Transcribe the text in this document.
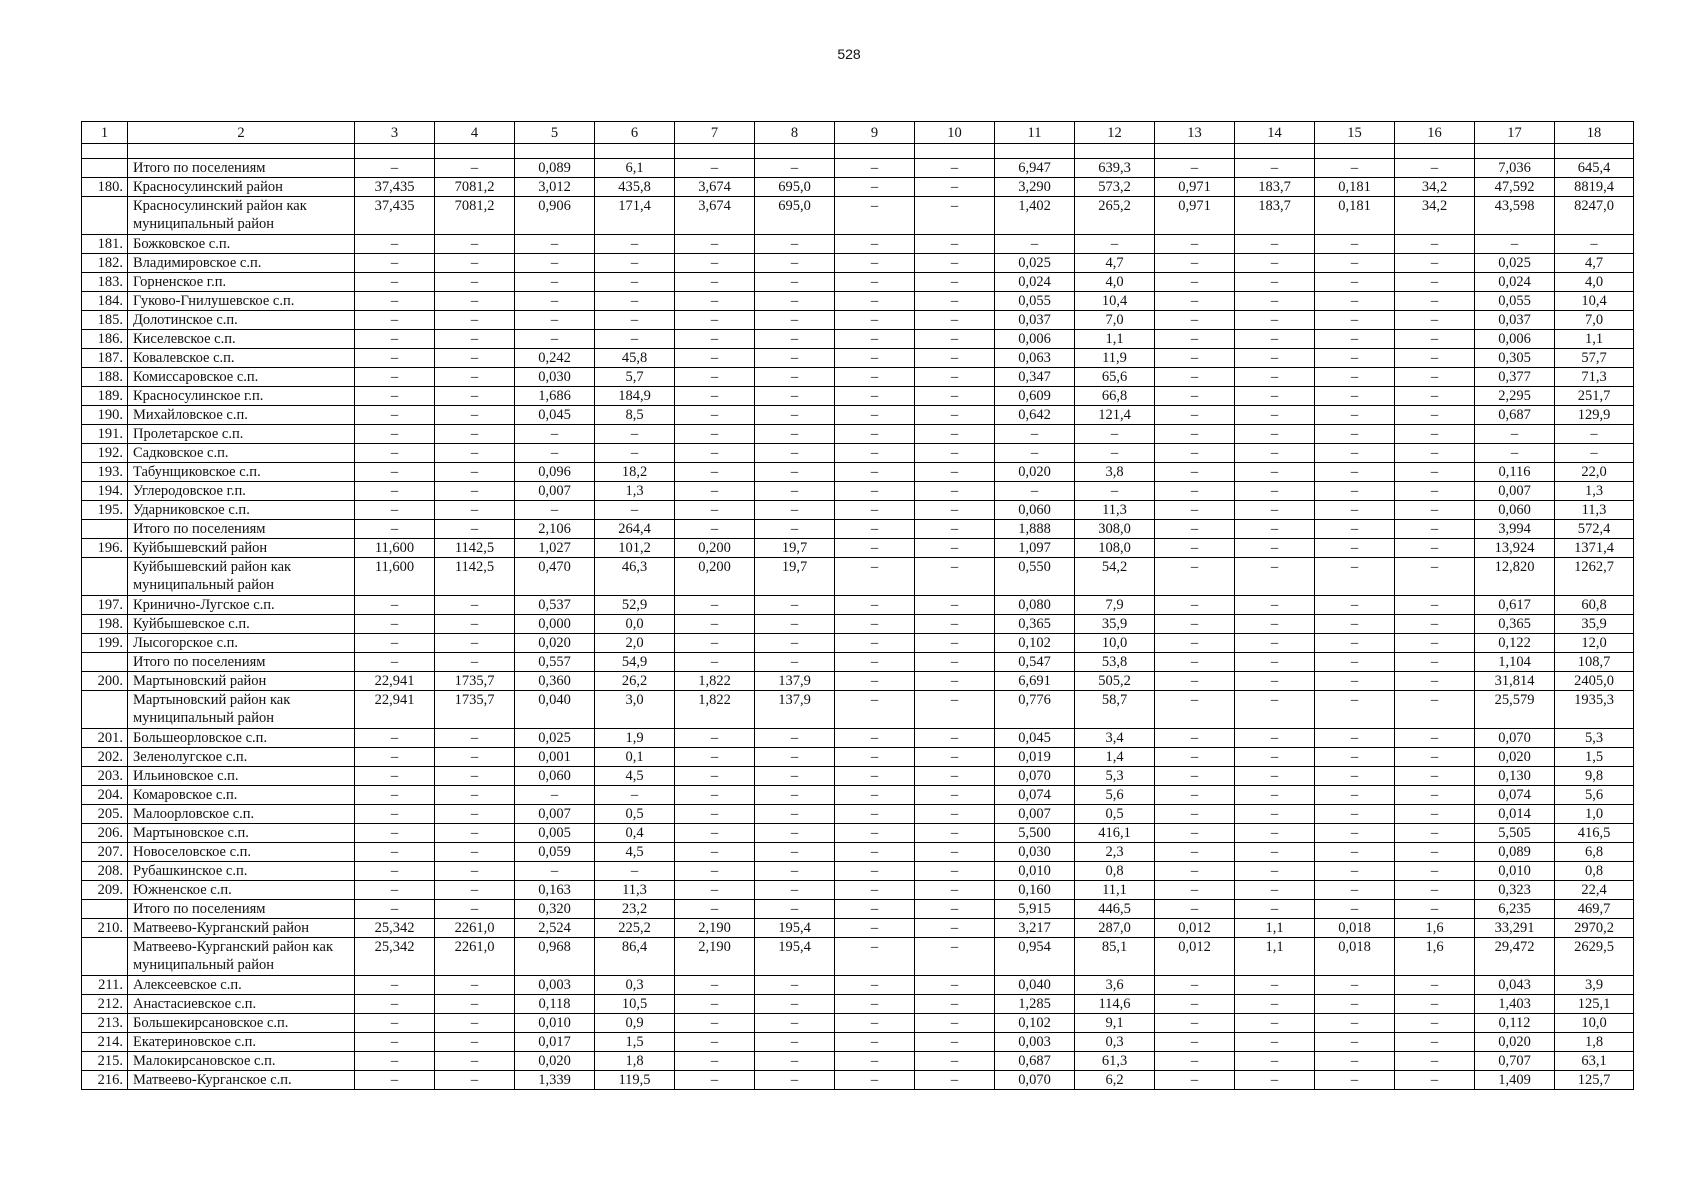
528
1	2	3	4	5	6	7	8	9	10	11	12	13	14	15	16	17	18

	Итого по поселениям	–	–	0,089	6,1	–	–	–	–	6,947	639,3	–	–	–	–	7,036	645,4
180.	Красносулинский район	37,435	7081,2	3,012	435,8	3,674	695,0	–	–	3,290	573,2	0,971	183,7	0,181	34,2	47,592	8819,4
	Красносулинский район как муниципальный район	37,435	7081,2	0,906	171,4	3,674	695,0	–	–	1,402	265,2	0,971	183,7	0,181	34,2	43,598	8247,0
181.	Божковское с.п.	–	–	–	–	–	–	–	–	–	–	–	–	–	–	–	–
182.	Владимировское с.п.	–	–	–	–	–	–	–	–	0,025	4,7	–	–	–	–	0,025	4,7
183.	Горненское г.п.	–	–	–	–	–	–	–	–	0,024	4,0	–	–	–	–	0,024	4,0
184.	Гуково-Гнилушевское с.п.	–	–	–	–	–	–	–	–	0,055	10,4	–	–	–	–	0,055	10,4
185.	Долотинское с.п.	–	–	–	–	–	–	–	–	0,037	7,0	–	–	–	–	0,037	7,0
186.	Киселевское с.п.	–	–	–	–	–	–	–	–	0,006	1,1	–	–	–	–	0,006	1,1
187.	Ковалевское с.п.	–	–	0,242	45,8	–	–	–	–	0,063	11,9	–	–	–	–	0,305	57,7
188.	Комиссаровское с.п.	–	–	0,030	5,7	–	–	–	–	0,347	65,6	–	–	–	–	0,377	71,3
189.	Красносулинское г.п.	–	–	1,686	184,9	–	–	–	–	0,609	66,8	–	–	–	–	2,295	251,7
190.	Михайловское с.п.	–	–	0,045	8,5	–	–	–	–	0,642	121,4	–	–	–	–	0,687	129,9
191.	Пролетарское с.п.	–	–	–	–	–	–	–	–	–	–	–	–	–	–	–	–
192.	Садковское с.п.	–	–	–	–	–	–	–	–	–	–	–	–	–	–	–	–
193.	Табунщиковское с.п.	–	–	0,096	18,2	–	–	–	–	0,020	3,8	–	–	–	–	0,116	22,0
194.	Углеродовское г.п.	–	–	0,007	1,3	–	–	–	–	–	–	–	–	–	–	0,007	1,3
195.	Ударниковское с.п.	–	–	–	–	–	–	–	–	0,060	11,3	–	–	–	–	0,060	11,3
	Итого по поселениям	–	–	2,106	264,4	–	–	–	–	1,888	308,0	–	–	–	–	3,994	572,4
196.	Куйбышевский район	11,600	1142,5	1,027	101,2	0,200	19,7	–	–	1,097	108,0	–	–	–	–	13,924	1371,4
	Куйбышевский район как муниципальный район	11,600	1142,5	0,470	46,3	0,200	19,7	–	–	0,550	54,2	–	–	–	–	12,820	1262,7
197.	Кринично-Лугское с.п.	–	–	0,537	52,9	–	–	–	–	0,080	7,9	–	–	–	–	0,617	60,8
198.	Куйбышевское с.п.	–	–	0,000	0,0	–	–	–	–	0,365	35,9	–	–	–	–	0,365	35,9
199.	Лысогорское с.п.	–	–	0,020	2,0	–	–	–	–	0,102	10,0	–	–	–	–	0,122	12,0
	Итого по поселениям	–	–	0,557	54,9	–	–	–	–	0,547	53,8	–	–	–	–	1,104	108,7
200.	Мартыновский район	22,941	1735,7	0,360	26,2	1,822	137,9	–	–	6,691	505,2	–	–	–	–	31,814	2405,0
	Мартыновский район как муниципальный район	22,941	1735,7	0,040	3,0	1,822	137,9	–	–	0,776	58,7	–	–	–	–	25,579	1935,3
201.	Большеорловское с.п.	–	–	0,025	1,9	–	–	–	–	0,045	3,4	–	–	–	–	0,070	5,3
202.	Зеленолугское с.п.	–	–	0,001	0,1	–	–	–	–	0,019	1,4	–	–	–	–	0,020	1,5
203.	Ильиновское с.п.	–	–	0,060	4,5	–	–	–	–	0,070	5,3	–	–	–	–	0,130	9,8
204.	Комаровское с.п.	–	–	–	–	–	–	–	–	0,074	5,6	–	–	–	–	0,074	5,6
205.	Малоорловское с.п.	–	–	0,007	0,5	–	–	–	–	0,007	0,5	–	–	–	–	0,014	1,0
206.	Мартыновское с.п.	–	–	0,005	0,4	–	–	–	–	5,500	416,1	–	–	–	–	5,505	416,5
207.	Новоселовское с.п.	–	–	0,059	4,5	–	–	–	–	0,030	2,3	–	–	–	–	0,089	6,8
208.	Рубашкинское с.п.	–	–	–	–	–	–	–	–	0,010	0,8	–	–	–	–	0,010	0,8
209.	Южненское с.п.	–	–	0,163	11,3	–	–	–	–	0,160	11,1	–	–	–	–	0,323	22,4
	Итого по поселениям	–	–	0,320	23,2	–	–	–	–	5,915	446,5	–	–	–	–	6,235	469,7
210.	Матвеево-Курганский район	25,342	2261,0	2,524	225,2	2,190	195,4	–	–	3,217	287,0	0,012	1,1	0,018	1,6	33,291	2970,2
	Матвеево-Курганский район как муниципальный район	25,342	2261,0	0,968	86,4	2,190	195,4	–	–	0,954	85,1	0,012	1,1	0,018	1,6	29,472	2629,5
211.	Алексеевское с.п.	–	–	0,003	0,3	–	–	–	–	0,040	3,6	–	–	–	–	0,043	3,9
212.	Анастасиевское с.п.	–	–	0,118	10,5	–	–	–	–	1,285	114,6	–	–	–	–	1,403	125,1
213.	Большекирсановское с.п.	–	–	0,010	0,9	–	–	–	–	0,102	9,1	–	–	–	–	0,112	10,0
214.	Екатериновское с.п.	–	–	0,017	1,5	–	–	–	–	0,003	0,3	–	–	–	–	0,020	1,8
215.	Малокирсановское с.п.	–	–	0,020	1,8	–	–	–	–	0,687	61,3	–	–	–	–	0,707	63,1
216.	Матвеево-Курганское с.п.	–	–	1,339	119,5	–	–	–	–	0,070	6,2	–	–	–	–	1,409	125,7
